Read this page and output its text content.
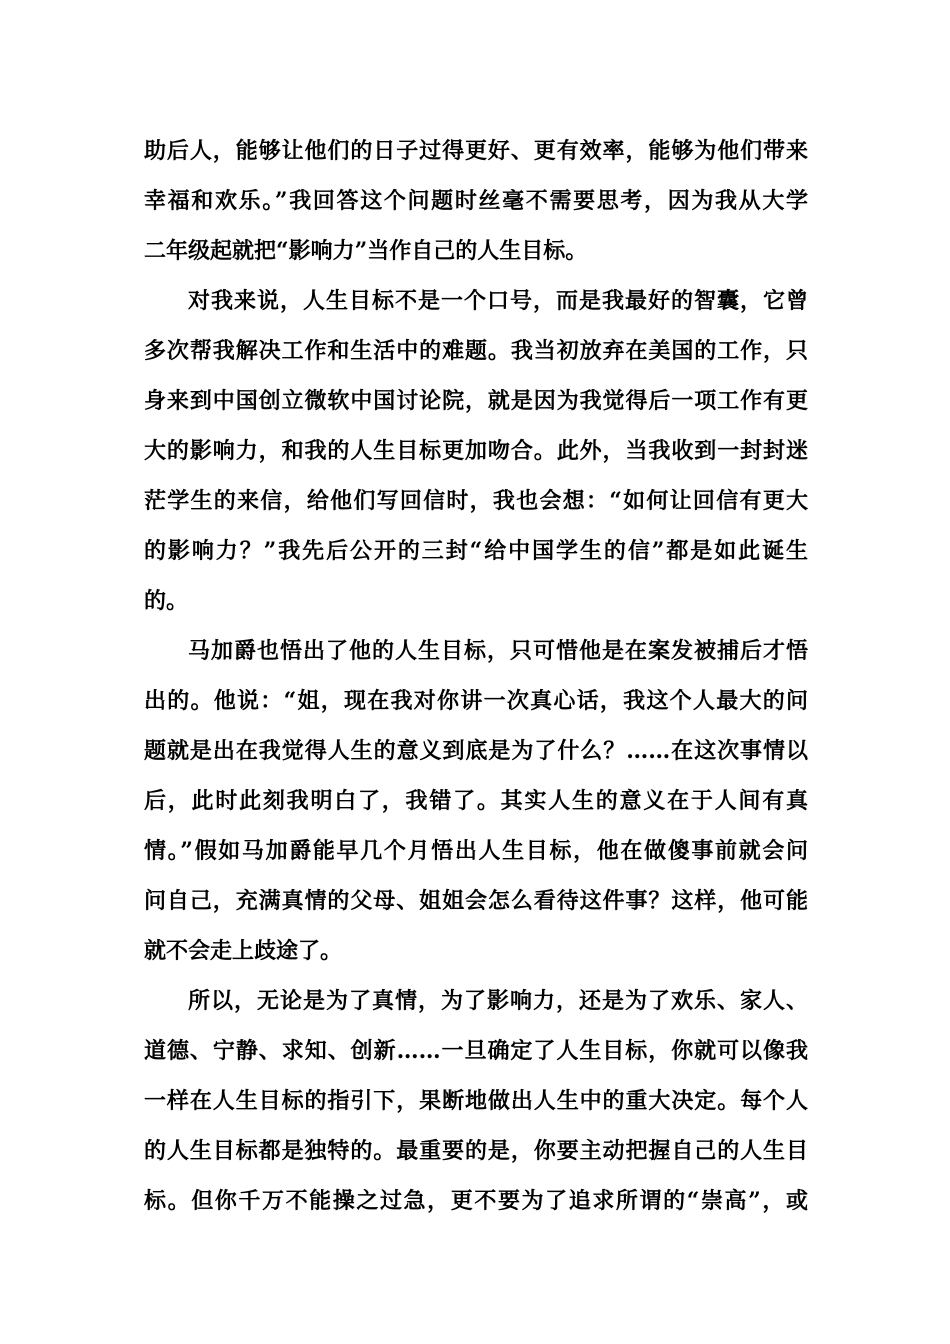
助后人，能够让他们的日子过得更好、更有效率，能够为他们带来
幸福和欢乐。”我回答这个问题时丝毫不需要思考，因为我从大学
二年级起就把“影响力”当作自己的人生目标。
对我来说，人生目标不是一个口号，而是我最好的智囊，它曾
多次帮我解决工作和生活中的难题。我当初放弃在美国的工作，只
身来到中国创立微软中国讨论院，就是因为我觉得后一项工作有更
大的影响力，和我的人生目标更加吻合。此外，当我收到一封封迷
茫学生的来信，给他们写回信时，我也会想：“如何让回信有更大
的影响力？”我先后公开的三封“给中国学生的信”都是如此诞生
的。
马加爵也悟出了他的人生目标，只可惜他是在案发被捕后才悟
出的。他说：“姐，现在我对你讲一次真心话，我这个人最大的问
题就是出在我觉得人生的意义到底是为了什么？……在这次事情以
后，此时此刻我明白了，我错了。其实人生的意义在于人间有真
情。”假如马加爵能早几个月悟出人生目标，他在做傻事前就会问
问自己，充满真情的父母、姐姐会怎么看待这件事？这样，他可能
就不会走上歧途了。
所以，无论是为了真情，为了影响力，还是为了欢乐、家人、
道德、宁静、求知、创新……一旦确定了人生目标，你就可以像我
一样在人生目标的指引下，果断地做出人生中的重大决定。每个人
的人生目标都是独特的。最重要的是，你要主动把握自己的人生目
标。但你千万不能操之过急，更不要为了追求所谓的“崇高”，或
